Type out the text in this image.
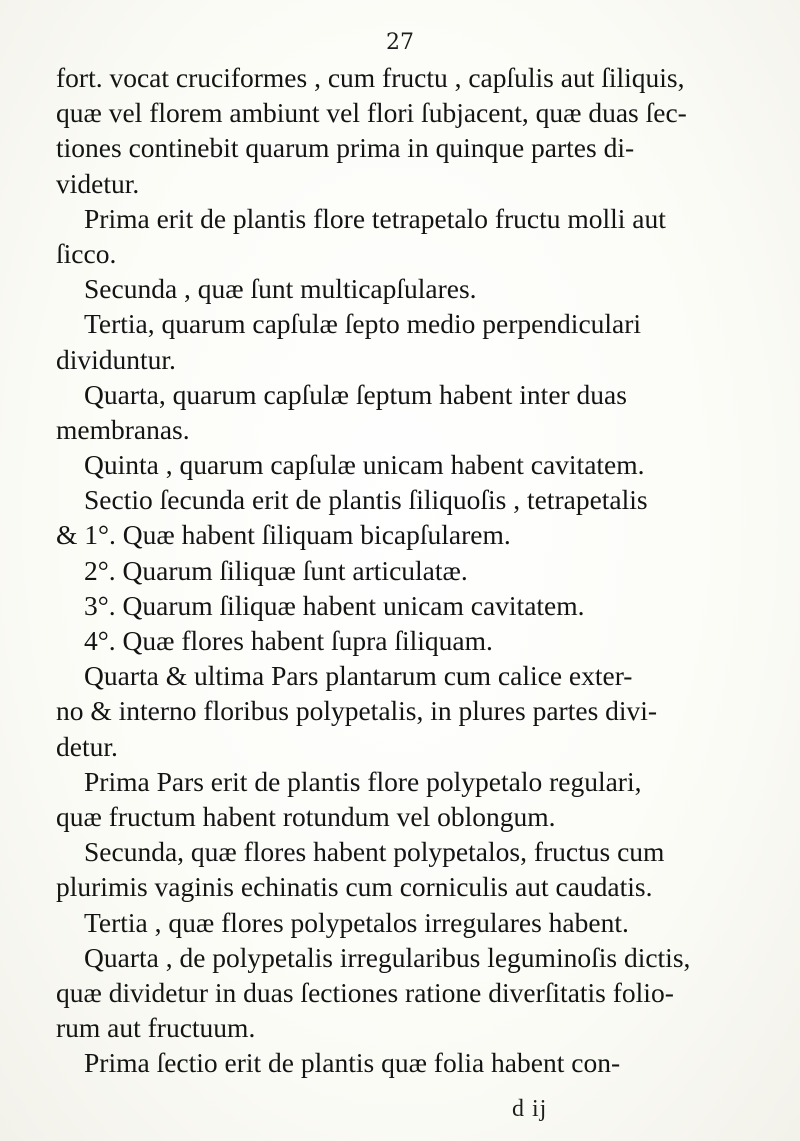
27
fort. vocat cruciformes , cum fructu , capſulis aut ſiliquis,
quæ vel florem ambiunt vel flori ſubjacent, quæ duas ſec-
tiones continebit quarum prima in quinque partes di-
videtur.
Prima erit de plantis flore tetrapetalo fructu molli aut
ſicco.
Secunda , quæ ſunt multicapſulares.
Tertia, quarum capſulæ ſepto medio perpendiculari
dividuntur.
Quarta, quarum capſulæ ſeptum habent inter duas
membranas.
Quinta , quarum capſulæ unicam habent cavitatem.
Sectio ſecunda erit de plantis ſiliquoſis , tetrapetalis
& 1°. Quæ habent ſiliquam bicapſularem.
2°. Quarum ſiliquæ ſunt articulatæ.
3°. Quarum ſiliquæ habent unicam cavitatem.
4°. Quæ flores habent ſupra ſiliquam.
Quarta & ultima Pars plantarum cum calice exter-
no & interno floribus polypetalis, in plures partes divi-
detur.
Prima Pars erit de plantis flore polypetalo regulari,
quæ fructum habent rotundum vel oblongum.
Secunda, quæ flores habent polypetalos, fructus cum
plurimis vaginis echinatis cum corniculis aut caudatis.
Tertia , quæ flores polypetalos irregulares habent.
Quarta , de polypetalis irregularibus leguminoſis dictis,
quæ dividetur in duas ſectiones ratione diverſitatis folio-
rum aut fructuum.
Prima ſectio erit de plantis quæ folia habent con-
d ij
